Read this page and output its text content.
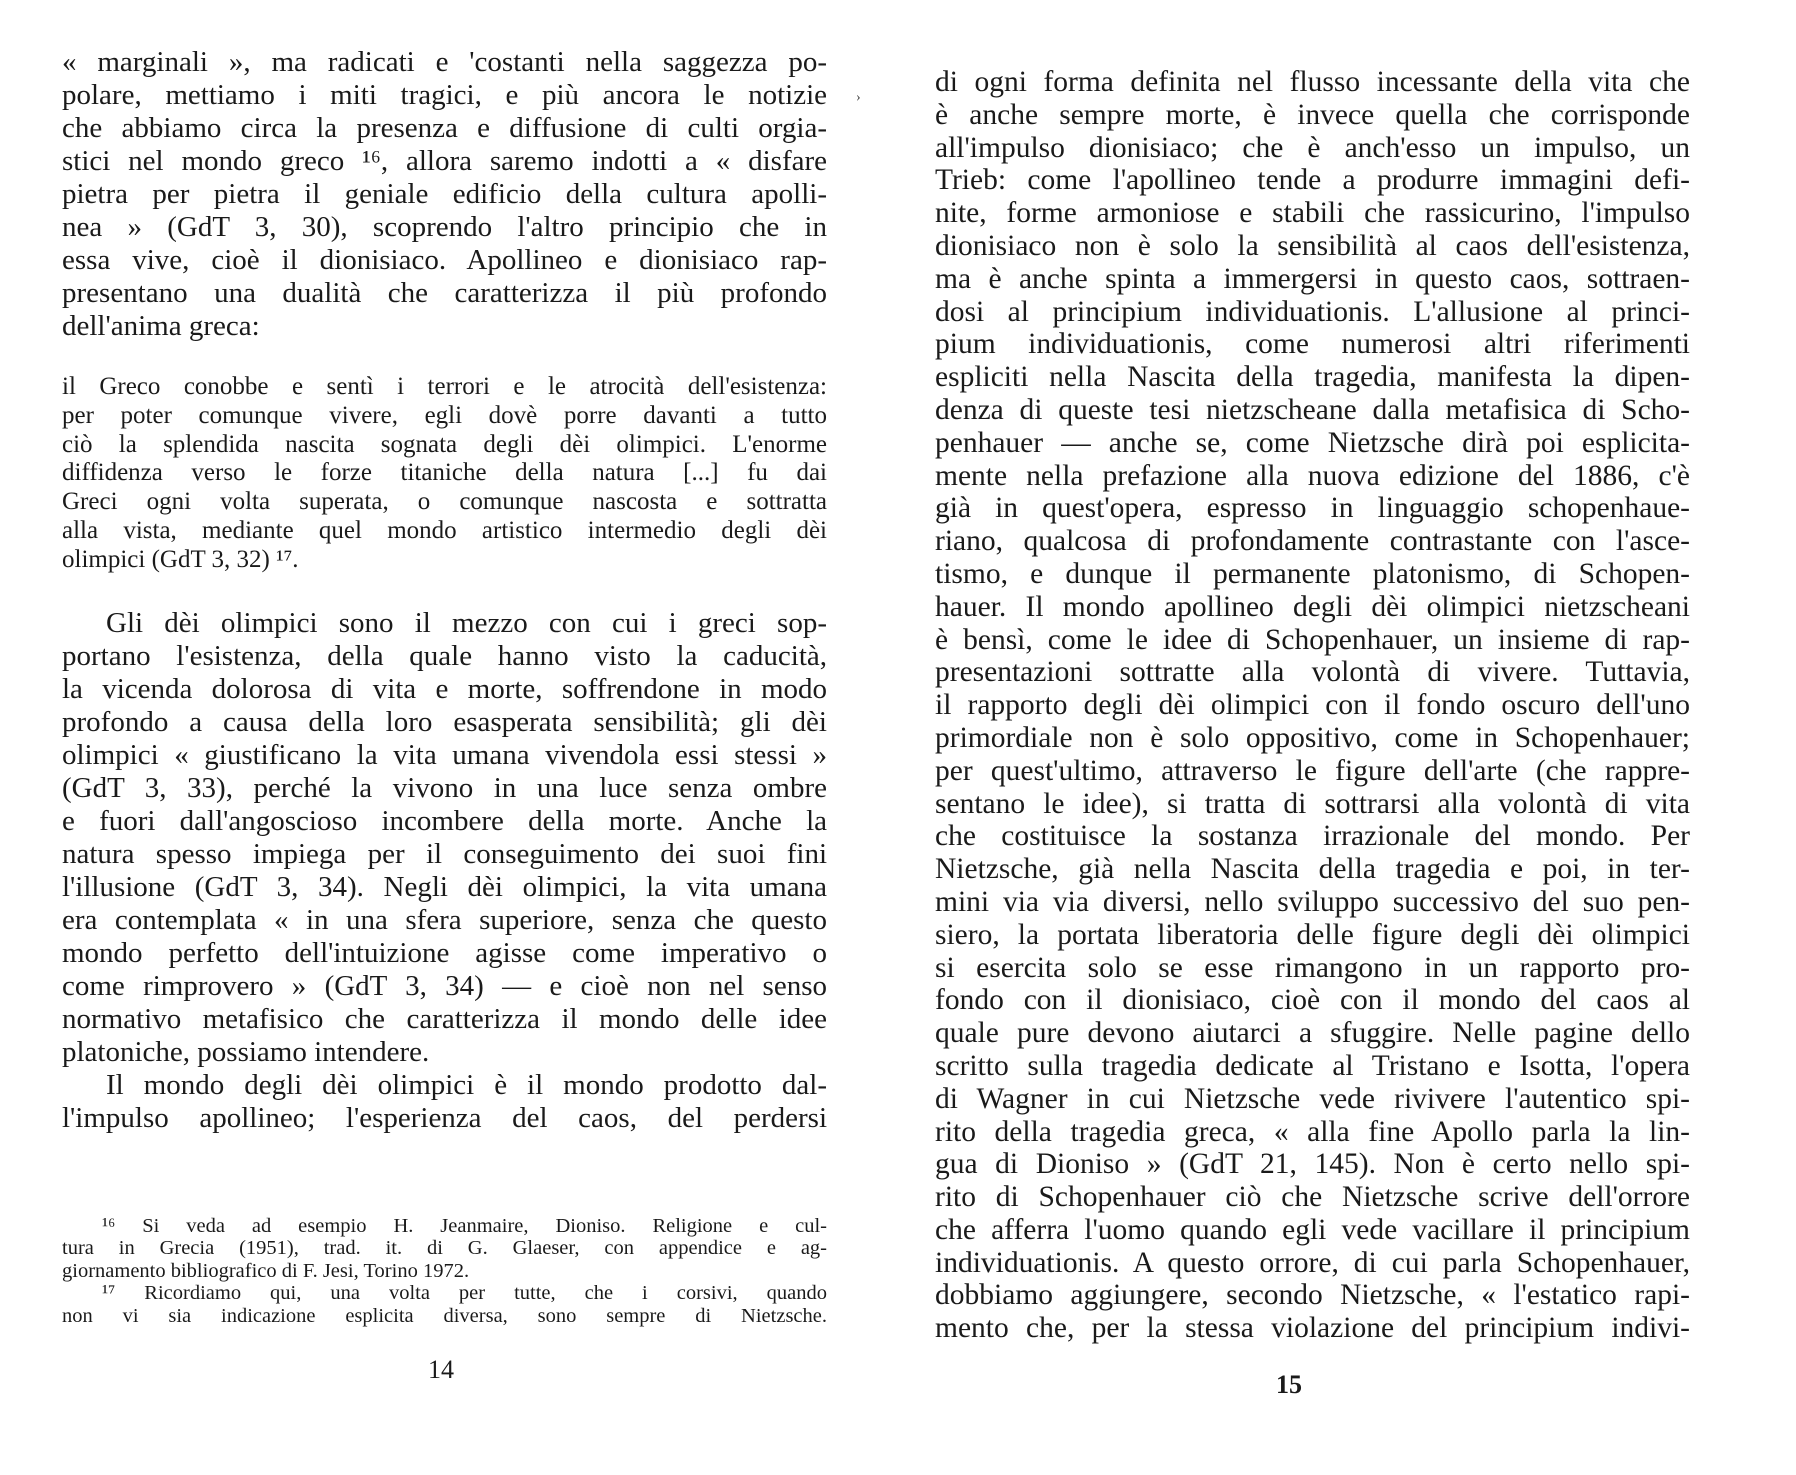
« marginali », ma radicati e 'costanti nella saggezza po-
polare, mettiamo i miti tragici, e più ancora le notizie
che abbiamo circa la presenza e diffusione di culti orgia-
stici nel mondo greco ¹⁶, allora saremo indotti a « disfare
pietra per pietra il geniale edificio della cultura apolli-
nea » (GdT 3, 30), scoprendo l'altro principio che in
essa vive, cioè il dionisiaco. Apollineo e dionisiaco rap-
presentano una dualità che caratterizza il più profondo
dell'anima greca:
il Greco conobbe e sentì i terrori e le atrocità dell'esistenza:
per poter comunque vivere, egli dovè porre davanti a tutto
ciò la splendida nascita sognata degli dèi olimpici. L'enorme
diffidenza verso le forze titaniche della natura [...] fu dai
Greci ogni volta superata, o comunque nascosta e sottratta
alla vista, mediante quel mondo artistico intermedio degli dèi
olimpici (GdT 3, 32) ¹⁷.
Gli dèi olimpici sono il mezzo con cui i greci sop-
portano l'esistenza, della quale hanno visto la caducità,
la vicenda dolorosa di vita e morte, soffrendone in modo
profondo a causa della loro esasperata sensibilità; gli dèi
olimpici « giustificano la vita umana vivendola essi stessi »
(GdT 3, 33), perché la vivono in una luce senza ombre
e fuori dall'angoscioso incombere della morte. Anche la
natura spesso impiega per il conseguimento dei suoi fini
l'illusione (GdT 3, 34). Negli dèi olimpici, la vita umana
era contemplata « in una sfera superiore, senza che questo
mondo perfetto dell'intuizione agisse come imperativo o
come rimprovero » (GdT 3, 34) — e cioè non nel senso
normativo metafisico che caratterizza il mondo delle idee
platoniche, possiamo intendere.
Il mondo degli dèi olimpici è il mondo prodotto dal-
l'impulso apollineo; l'esperienza del caos, del perdersi
¹⁶ Si veda ad esempio H. Jeanmaire, Dioniso. Religione e cul-
tura in Grecia (1951), trad. it. di G. Glaeser, con appendice e ag-
giornamento bibliografico di F. Jesi, Torino 1972.
¹⁷ Ricordiamo qui, una volta per tutte, che i corsivi, quando
non vi sia indicazione esplicita diversa, sono sempre di Nietzsche.
›
14
di ogni forma definita nel flusso incessante della vita che
è anche sempre morte, è invece quella che corrisponde
all'impulso dionisiaco; che è anch'esso un impulso, un
Trieb: come l'apollineo tende a produrre immagini defi-
nite, forme armoniose e stabili che rassicurino, l'impulso
dionisiaco non è solo la sensibilità al caos dell'esistenza,
ma è anche spinta a immergersi in questo caos, sottraen-
dosi al principium individuationis. L'allusione al princi-
pium individuationis, come numerosi altri riferimenti
espliciti nella Nascita della tragedia, manifesta la dipen-
denza di queste tesi nietzscheane dalla metafisica di Scho-
penhauer — anche se, come Nietzsche dirà poi esplicita-
mente nella prefazione alla nuova edizione del 1886, c'è
già in quest'opera, espresso in linguaggio schopenhaue-
riano, qualcosa di profondamente contrastante con l'asce-
tismo, e dunque il permanente platonismo, di Schopen-
hauer. Il mondo apollineo degli dèi olimpici nietzscheani
è bensì, come le idee di Schopenhauer, un insieme di rap-
presentazioni sottratte alla volontà di vivere. Tuttavia,
il rapporto degli dèi olimpici con il fondo oscuro dell'uno
primordiale non è solo oppositivo, come in Schopenhauer;
per quest'ultimo, attraverso le figure dell'arte (che rappre-
sentano le idee), si tratta di sottrarsi alla volontà di vita
che costituisce la sostanza irrazionale del mondo. Per
Nietzsche, già nella Nascita della tragedia e poi, in ter-
mini via via diversi, nello sviluppo successivo del suo pen-
siero, la portata liberatoria delle figure degli dèi olimpici
si esercita solo se esse rimangono in un rapporto pro-
fondo con il dionisiaco, cioè con il mondo del caos al
quale pure devono aiutarci a sfuggire. Nelle pagine dello
scritto sulla tragedia dedicate al Tristano e Isotta, l'opera
di Wagner in cui Nietzsche vede rivivere l'autentico spi-
rito della tragedia greca, « alla fine Apollo parla la lin-
gua di Dioniso » (GdT 21, 145). Non è certo nello spi-
rito di Schopenhauer ciò che Nietzsche scrive dell'orrore
che afferra l'uomo quando egli vede vacillare il principium
individuationis. A questo orrore, di cui parla Schopenhauer,
dobbiamo aggiungere, secondo Nietzsche, « l'estatico rapi-
mento che, per la stessa violazione del principium indivi-
15
